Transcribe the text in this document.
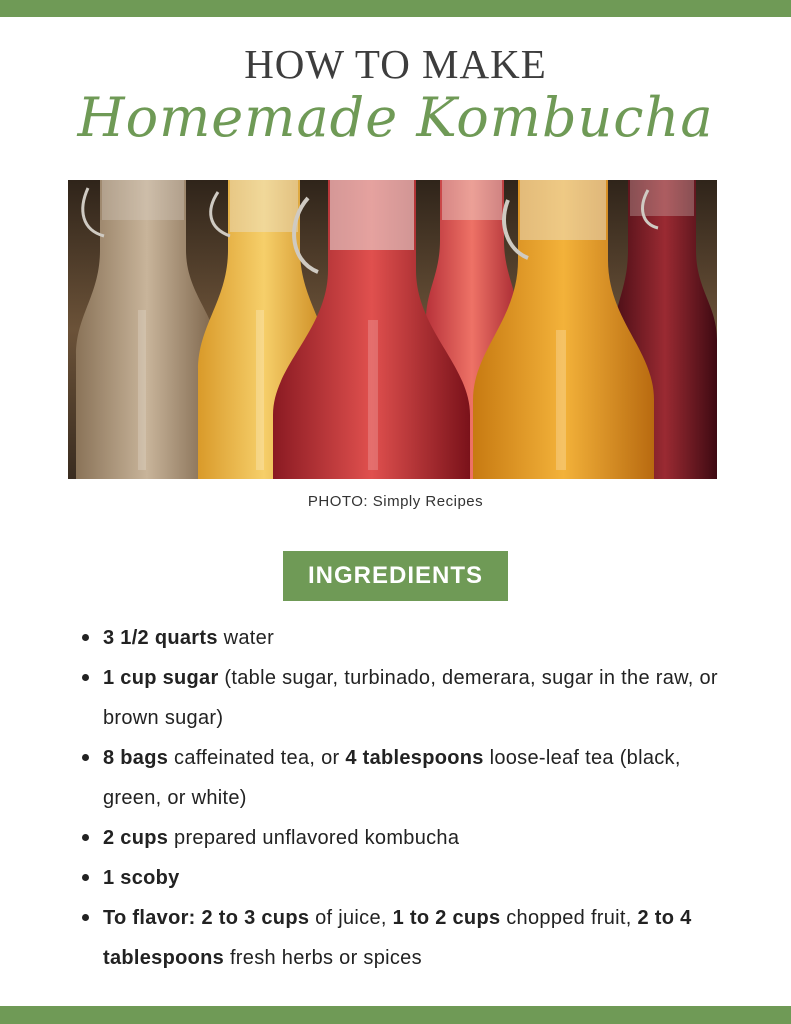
HOW TO MAKE
Homemade Kombucha
PHOTO: Simply Recipes
INGREDIENTS
3 1/2 quarts water
1 cup sugar (table sugar, turbinado, demerara, sugar in the raw, or brown sugar)
8 bags caffeinated tea, or 4 tablespoons loose-leaf tea (black, green, or white)
2 cups prepared unflavored kombucha
1 scoby
To flavor: 2 to 3 cups of juice, 1 to 2 cups chopped fruit, 2 to 4 tablespoons fresh herbs or spices
